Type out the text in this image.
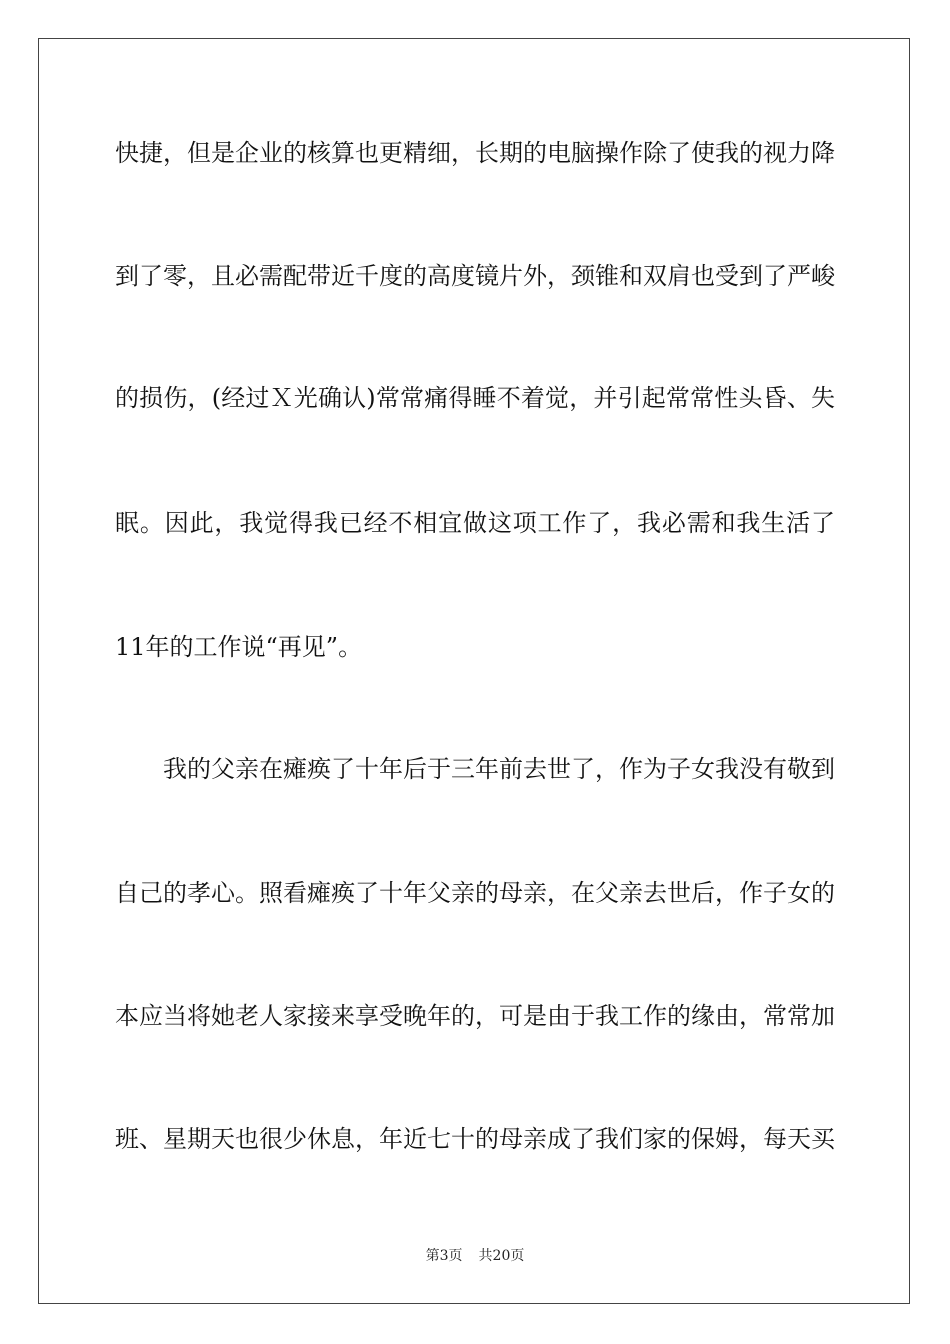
快捷，但是企业的核算也更精细，长期的电脑操作除了使我的视力降
到了零，且必需配带近千度的高度镜片外，颈锥和双肩也受到了严峻
的损伤，(经过Ｘ光确认)常常痛得睡不着觉，并引起常常性头昏、失
眠。因此，我觉得我已经不相宜做这项工作了，我必需和我生活了
11年的工作说“再见”。
我的父亲在瘫痪了十年后于三年前去世了，作为子女我没有敬到
自己的孝心。照看瘫痪了十年父亲的母亲，在父亲去世后，作子女的
本应当将她老人家接来享受晚年的，可是由于我工作的缘由，常常加
班、星期天也很少休息，年近七十的母亲成了我们家的保姆，每天买
第3页 共20页
